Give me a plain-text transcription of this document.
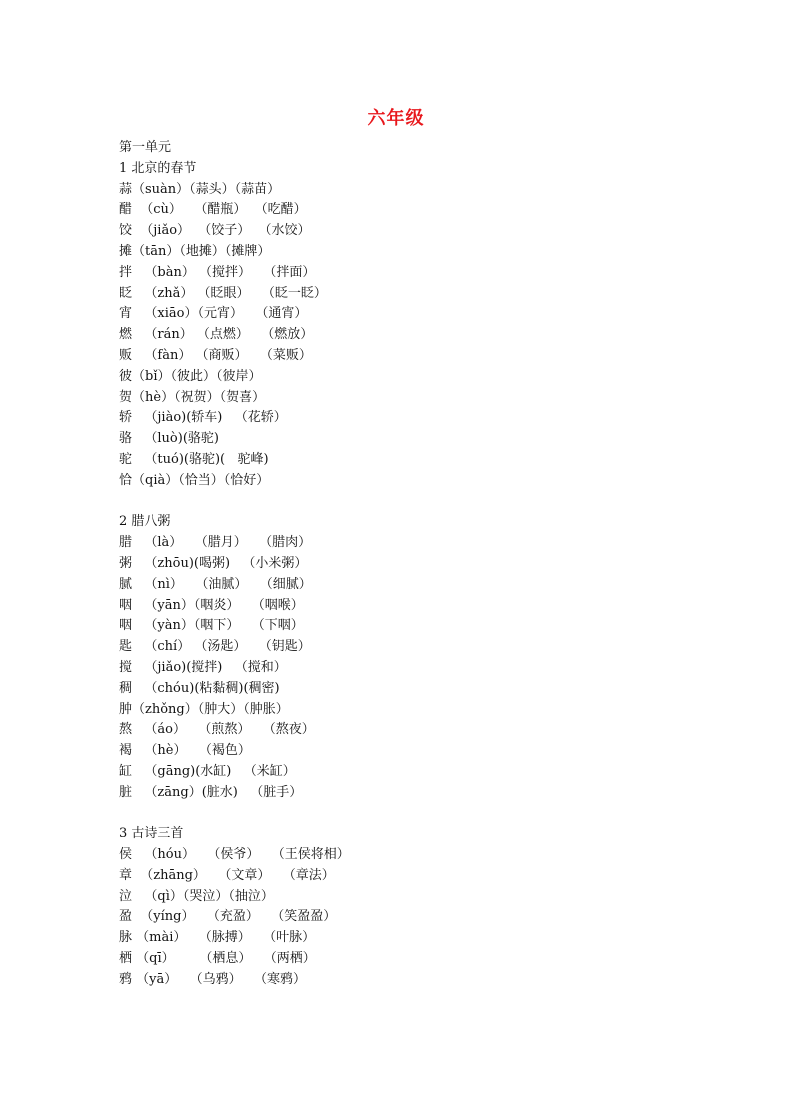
六年级
第一单元
1 北京的春节
蒜（suàn）（蒜头）（蒜苗）
醋  （cù）   （醋瓶）  （吃醋）
饺  （jiǎo）  （饺子）  （水饺）
摊（tān）（地摊）（摊牌）
拌   （bàn） （搅拌）   （拌面）
眨   （zhǎ） （眨眼）   （眨一眨）
宵   （xiāo）（元宵）   （通宵）
燃   （rán） （点燃）   （燃放）
贩   （fàn） （商贩）   （菜贩）
彼（bǐ）（彼此）（彼岸）
贺（hè）（祝贺）（贺喜）
轿   （jiào)(轿车)   （花轿）
骆   （luò)(骆驼)
驼   （tuó)(骆驼)(   驼峰)
恰（qià）（恰当）（恰好）
2 腊八粥
腊   （là）   （腊月）   （腊肉）
粥   （zhōu)(喝粥)   （小米粥）
腻   （nì）   （油腻）   （细腻）
咽   （yān）（咽炎）   （咽喉）
咽   （yàn）（咽下）   （下咽）
匙   （chí） （汤匙）   （钥匙）
搅   （jiǎo)(搅拌)   （搅和）
稠   （chóu)(粘黏稠)(稠密)
肿（zhǒng）（肿大）（肿胀）
熬   （áo）   （煎熬）   （熬夜）
褐   （hè）   （褐色）
缸   （gāng)(水缸)   （米缸）
脏   （zāng）(脏水)   （脏手）
3 古诗三首
侯   （hóu）   （侯爷）   （王侯将相）
章  （zhāng）   （文章）   （章法）
泣   （qì）（哭泣）（抽泣）
盈  （yíng）   （充盈）   （笑盈盈）
脉 （mài）   （脉搏）   （叶脉）
栖 （qī）      （栖息）   （两栖）
鸦 （yā）   （乌鸦）   （寒鸦）
